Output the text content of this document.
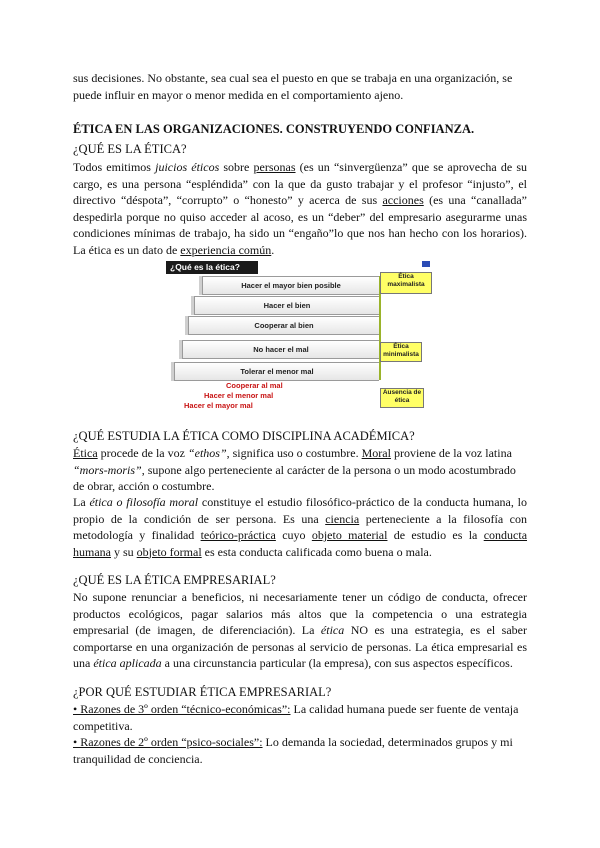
sus decisiones. No obstante, sea cual sea el puesto en que se trabaja en una organización, se puede influir en mayor o menor medida en el comportamiento ajeno.

ÉTICA EN LAS ORGANIZACIONES. CONSTRUYENDO CONFIANZA.
¿QUÉ ES LA ÉTICA?

Todos emitimos juicios éticos sobre personas (es un “sinvergüenza” que se aprovecha de su cargo, es una persona “espléndida” con la que da gusto trabajar y el profesor “injusto”, el directivo “déspota”, “corrupto” o “honesto” y acerca de sus acciones (es una “canallada” despedirla porque no quiso acceder al acoso, es un “deber” del empresario asegurarme unas condiciones mínimas de trabajo, ha sido un “engaño”lo que nos han hecho con los horarios). La ética es un dato de experiencia común.

¿Qué es la ética?
Hacer el mayor bien posible
Hacer el bien
Cooperar al bien
No hacer el mal
Tolerar el menor mal
Ética maximalista
Ética minimalista
Ausencia de ética
Cooperar al mal
Hacer el menor mal
Hacer el mayor mal
¿QUÉ ESTUDIA LA ÉTICA COMO DISCIPLINA ACADÉMICA?

Ética procede de la voz “ethos”, significa uso o costumbre. Moral proviene de la voz latina “mors-moris”, supone algo perteneciente al carácter de la persona o un modo acostumbrado de obrar, acción o costumbre.

La ética o filosofía moral constituye el estudio filosófico-práctico de la conducta humana, lo propio de la condición de ser persona. Es una ciencia perteneciente a la filosofía con metodología y finalidad teórico-práctica cuyo objeto material de estudio es la conducta humana y su objeto formal es esta conducta calificada como buena o mala.

¿QUÉ ES LA ÉTICA EMPRESARIAL?

No supone renunciar a beneficios, ni necesariamente tener un código de conducta, ofrecer productos ecológicos, pagar salarios más altos que la competencia o una estrategia empresarial (de imagen, de diferenciación). La ética NO es una estrategia, es el saber comportarse en una organización de personas al servicio de personas. La ética empresarial es una ética aplicada a una circunstancia particular (la empresa), con sus aspectos específicos.

¿POR QUÉ ESTUDIAR ÉTICA EMPRESARIAL?

• Razones de 3º orden “técnico-económicas”: La calidad humana puede ser fuente de ventaja competitiva.

• Razones de 2º orden “psico-sociales”: Lo demanda la sociedad, determinados grupos y mi tranquilidad de conciencia.
